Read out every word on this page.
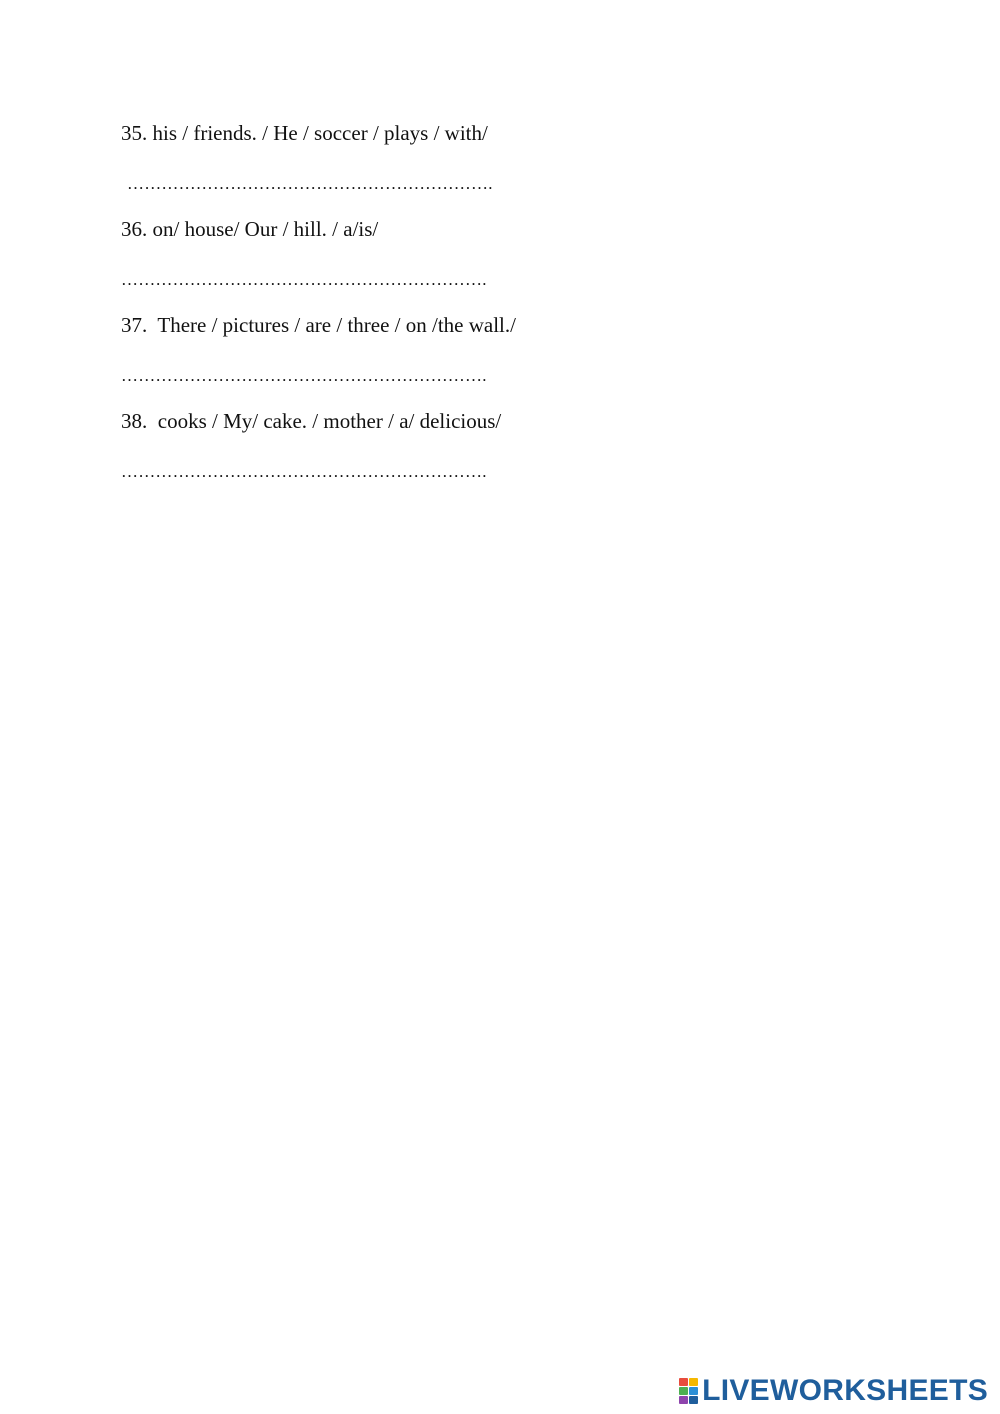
35. his / friends. / He / soccer / plays / with/
……………………………………………………….
36. on/ house/ Our / hill. / a/is/
……………………………………………………….
37.  There / pictures / are / three / on /the wall./
……………………………………………………….
38.  cooks / My/ cake. / mother / a/ delicious/
……………………………………………………….
LIVEWORKSHEETS
